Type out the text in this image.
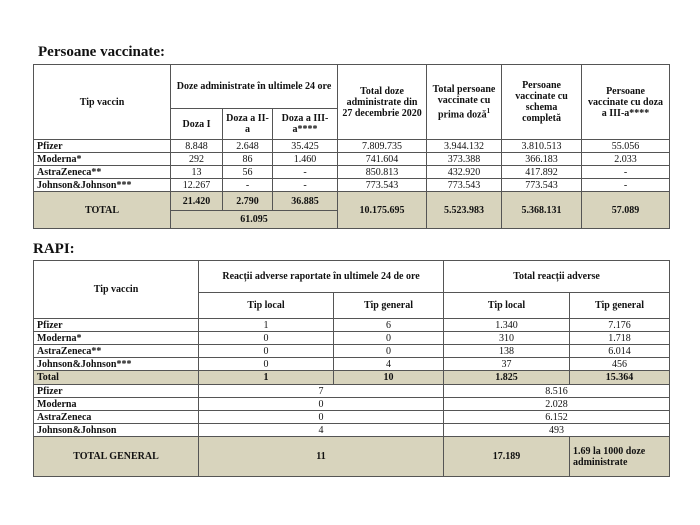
Persoane vaccinate:
Tip vaccin	Doze administrate în ultimele 24 ore			Total doze administrate din 27 decembrie 2020	Total persoane vaccinate cu prima doză$^1$	Persoane vaccinate cu schema completă	Persoane vaccinate cu doza a III-a****
	Doza I	Doza a II-a	Doza a III-a****				
Pfizer	8.848	2.648	35.425	7.809.735	3.944.132	3.810.513	55.056
Moderna*	292	86	1.460	741.604	373.388	366.183	2.033
AstraZeneca**	13	56	-	850.813	432.920	417.892	-
Johnson&Johnson***	12.267	-	-	773.543	773.543	773.543	-
TOTAL	21.420	2.790	36.885	10.175.695	5.523.983	5.368.131	57.089
	61.095						
RAPI:
Tip vaccin	Reacții adverse raportate în ultimele 24 de ore		Total reacții adverse	
	Tip local	Tip general	Tip local	Tip general
Pfizer	1	6	1.340	7.176
Moderna*	0	0	310	1.718
AstraZeneca**	0	0	138	6.014
Johnson&Johnson***	0	4	37	456
Total	1	10	1.825	15.364
Pfizer	7		8.516	
Moderna	0		2.028	
AstraZeneca	0		6.152	
Johnson&Johnson	4		493	
TOTAL GENERAL	11		17.189	1.69 la 1000 doze administrate
